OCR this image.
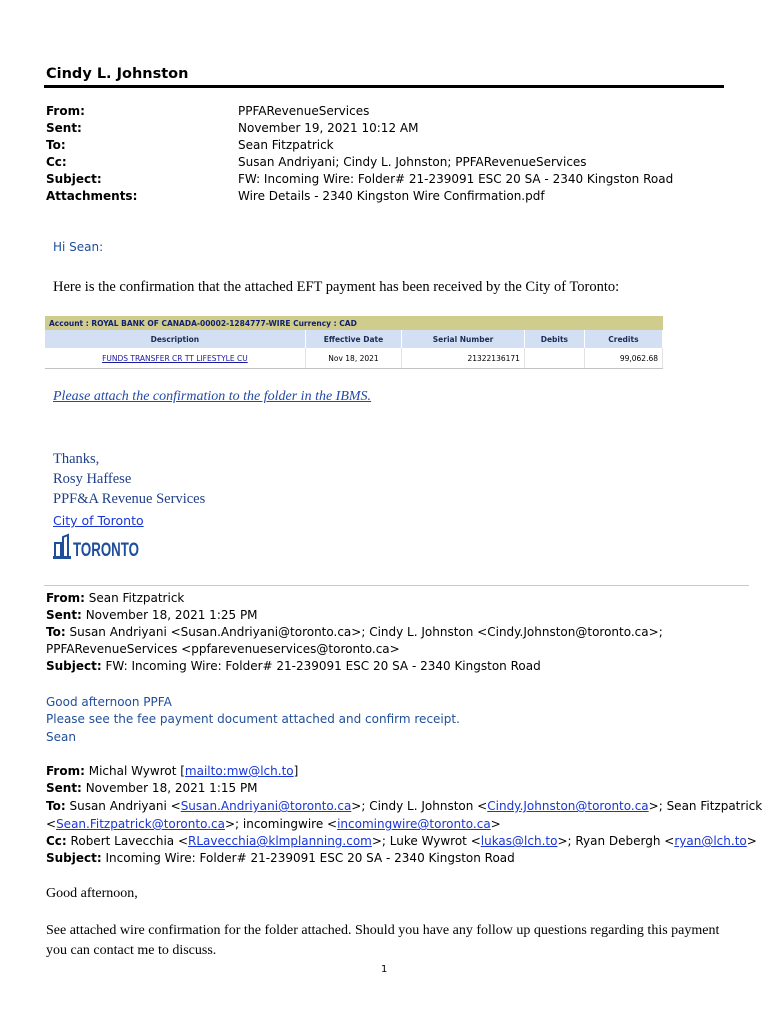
Cindy L. Johnston
From:	PPFARevenueServices
Sent:	November 19, 2021 10:12 AM
To:	Sean Fitzpatrick
Cc:	Susan Andriyani; Cindy L. Johnston; PPFARevenueServices
Subject:	FW: Incoming Wire: Folder# 21-239091 ESC 20 SA - 2340 Kingston Road
Attachments:	Wire Details - 2340 Kingston Wire Confirmation.pdf
Hi Sean:
Here is the confirmation that the attached EFT payment has been received by the City of Toronto:
Account : ROYAL BANK OF CANADA-00002-1284777-WIRE Currency : CAD				
Description	Effective Date	Serial Number	Debits	Credits
FUNDS TRANSFER CR TT LIFESTYLE CU	Nov 18, 2021	21322136171		99,062.68
Please attach the confirmation to the folder in the IBMS.
Thanks,
Rosy Haffese
PPF&A Revenue Services
City of Toronto
TORONTO
From: Sean Fitzpatrick
Sent: November 18, 2021 1:25 PM
To: Susan Andriyani <Susan.Andriyani@toronto.ca>; Cindy L. Johnston <Cindy.Johnston@toronto.ca>;
PPFARevenueServices <ppfarevenueservices@toronto.ca>
Subject: FW: Incoming Wire: Folder# 21-239091 ESC 20 SA - 2340 Kingston Road
Good afternoon PPFA
Please see the fee payment document attached and confirm receipt.
Sean
From: Michal Wywrot [mailto:mw@lch.to]
Sent: November 18, 2021 1:15 PM
To: Susan Andriyani <Susan.Andriyani@toronto.ca>; Cindy L. Johnston <Cindy.Johnston@toronto.ca>; Sean Fitzpatrick
<Sean.Fitzpatrick@toronto.ca>; incomingwire <incomingwire@toronto.ca>
Cc: Robert Lavecchia <RLavecchia@klmplanning.com>; Luke Wywrot <lukas@lch.to>; Ryan Debergh <ryan@lch.to>
Subject: Incoming Wire: Folder# 21-239091 ESC 20 SA - 2340 Kingston Road
Good afternoon,
See attached wire confirmation for the folder attached. Should you have any follow up questions regarding this payment you can contact me to discuss.
1
